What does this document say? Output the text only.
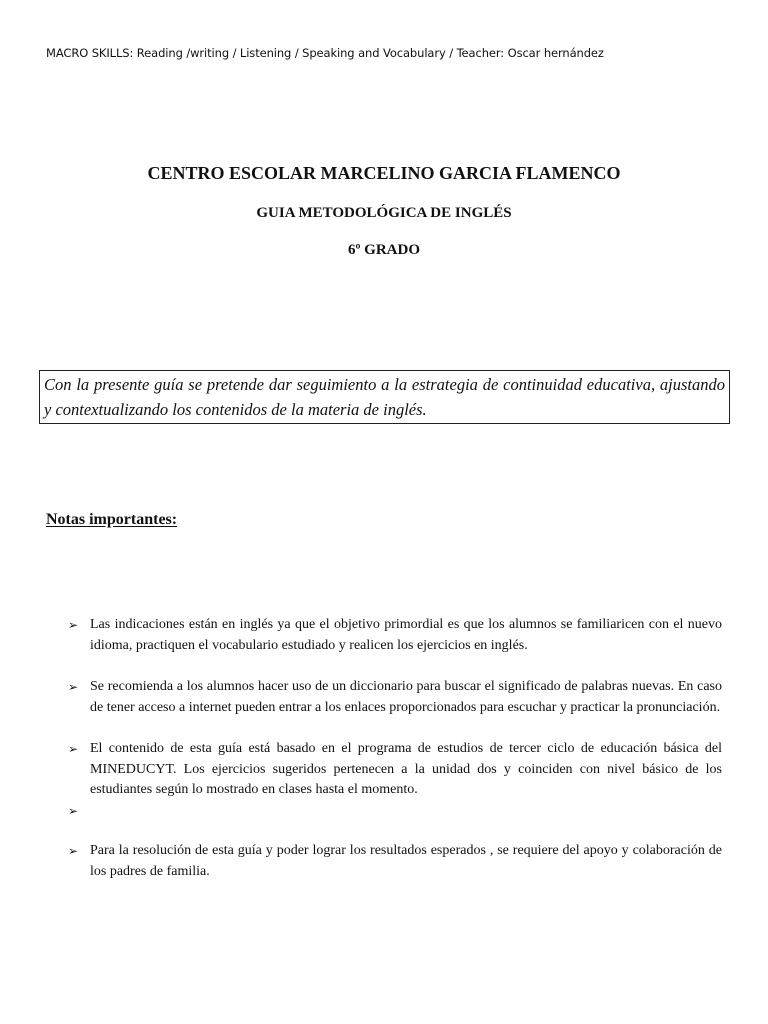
MACRO SKILLS: Reading /writing / Listening / Speaking and Vocabulary / Teacher: Oscar hernández
CENTRO ESCOLAR MARCELINO GARCIA FLAMENCO
GUIA METODOLÓGICA DE INGLÉS
6º GRADO
Con la presente guía se pretende dar seguimiento a la estrategia de continuidad educativa, ajustando y contextualizando los contenidos de la materia de inglés.
Notas importantes:
➢ Las indicaciones están en inglés ya que el objetivo primordial es que los alumnos se familiaricen con el nuevo idioma, practiquen el vocabulario estudiado y realicen los ejercicios en inglés.
➢ Se recomienda a los alumnos hacer uso de un diccionario para buscar el significado de palabras nuevas. En caso de tener acceso a internet pueden entrar a los enlaces proporcionados para escuchar y practicar la pronunciación.
➢ El contenido de esta guía está basado en el programa de estudios de tercer ciclo de educación básica del MINEDUCYT. Los ejercicios sugeridos pertenecen a la unidad dos y coinciden con nivel básico de los estudiantes según lo mostrado en clases hasta el momento.
➢

➢ Para la resolución de esta guía y poder lograr los resultados esperados , se requiere del apoyo y colaboración de los padres de familia.
